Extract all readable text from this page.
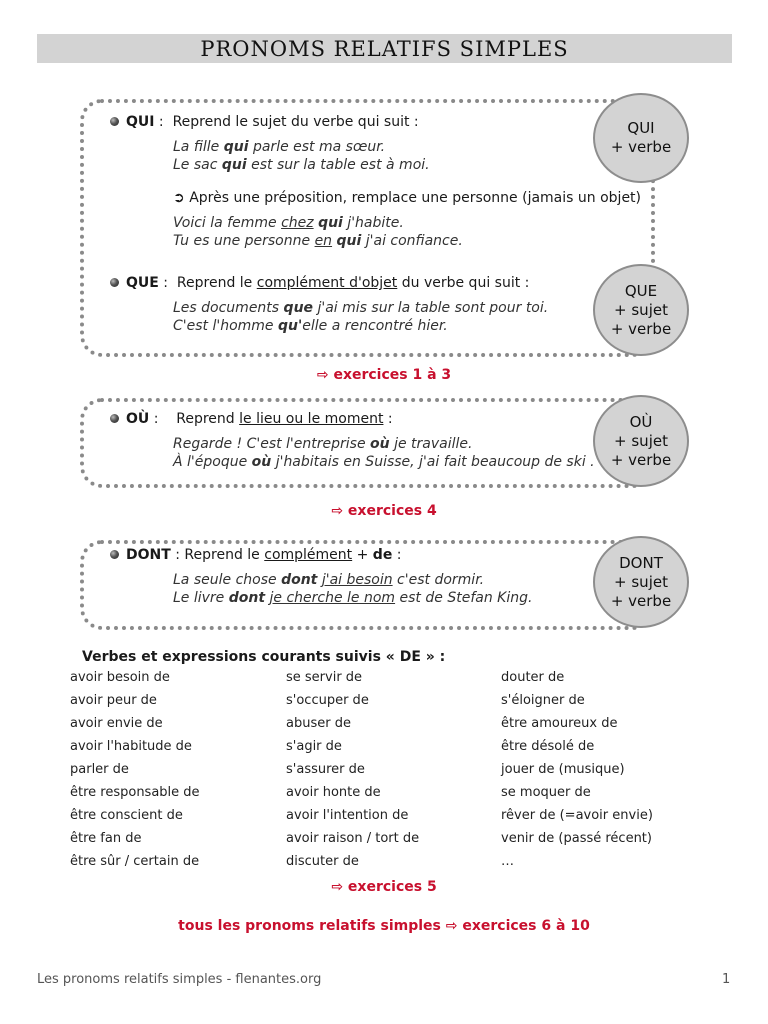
PRONOMS RELATIFS SIMPLES
QUI :  Reprend le sujet du verbe qui suit :
La fille qui parle est ma sœur.
Le sac qui est sur la table est à moi.
➲ Après une préposition, remplace une personne (jamais un objet)
Voici la femme chez qui j'habite.
Tu es une personne en qui j'ai confiance.
QUE :  Reprend le complément d'objet du verbe qui suit :
Les documents que j'ai mis sur la table sont pour toi.
C'est l'homme qu'elle a rencontré hier.
QUI
+ verbe
QUE
+ sujet
+ verbe
⇨ exercices 1 à 3
OÙ :    Reprend le lieu ou le moment :
Regarde ! C'est l'entreprise où je travaille.
À l'époque où j'habitais en Suisse, j'ai fait beaucoup de ski .
OÙ
+ sujet
+ verbe
⇨ exercices 4
DONT : Reprend le complément + de :
La seule chose dont j'ai besoin c'est dormir.
Le livre dont je cherche le nom est de Stefan King.
DONT
+ sujet
+ verbe
Verbes et expressions courants suivis « DE » :
avoir besoin de
avoir peur de
avoir envie de
avoir l'habitude de
parler de
être responsable de
être conscient de
être fan de
être sûr / certain de
se servir de
s'occuper de
abuser de
s'agir de
s'assurer de
avoir honte de
avoir l'intention de
avoir raison / tort de
discuter de
douter de
s'éloigner de
être amoureux de
être désolé de
jouer de (musique)
se moquer de
rêver de (=avoir envie)
venir de (passé récent)
…
⇨ exercices 5
tous les pronoms relatifs simples ⇨ exercices 6 à 10
Les pronoms relatifs simples - flenantes.org	1
